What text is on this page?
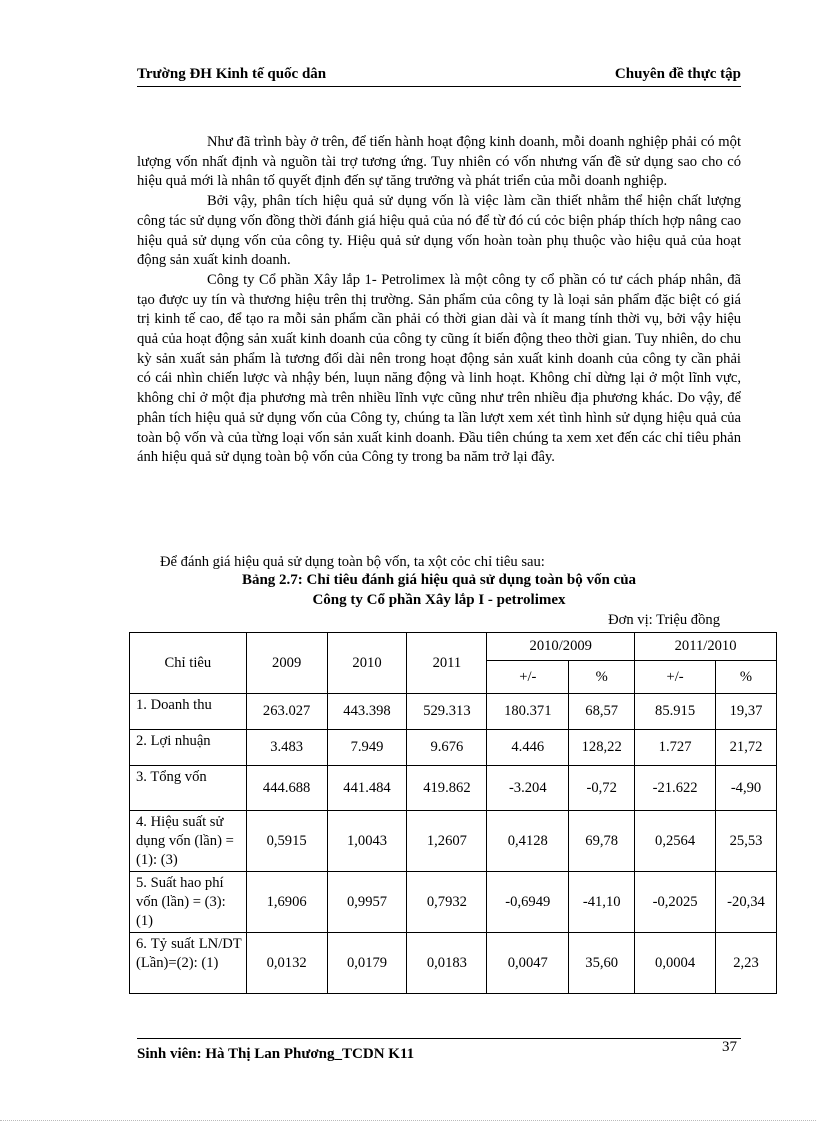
Trường ĐH Kinh tế quốc dân	Chuyên đề thực tập

Như đã trình bày ở trên, để tiến hành hoạt động kinh doanh, mỗi doanh nghiệp phải có một lượng vốn nhất định và nguồn tài trợ tương ứng. Tuy nhiên có vốn nhưng vấn đề sử dụng sao cho có hiệu quả mới là nhân tố quyết định đến sự tăng trưởng và phát triển của mỗi doanh nghiệp.

Bởi vậy, phân tích hiệu quả sử dụng vốn là việc làm cần thiết nhằm thể hiện chất lượng công tác sử dụng vốn đồng thời đánh giá hiệu quả của nó để từ đó cú cỏc biện pháp thích hợp nâng cao hiệu quả sử dụng vốn của công ty. Hiệu quả sử dụng vốn hoàn toàn phụ thuộc vào hiệu quả của hoạt động sản xuất kinh doanh.

Công ty Cổ phần Xây lắp 1- Petrolimex là một công ty cổ phần có tư cách pháp nhân, đã tạo được uy tín và thương hiệu trên thị trường. Sản phẩm của công ty là loại sản phẩm đặc biệt có giá trị kinh tế cao, để tạo ra mỗi sản phẩm cần phải có thời gian dài và ít mang tính thời vụ, bởi vậy hiệu quả của hoạt động sản xuất kinh doanh của công ty cũng ít biến động theo thời gian. Tuy nhiên, do chu kỳ sản xuất sản phẩm là tương đối dài nên trong hoạt động sản xuất kinh doanh của công ty cần phải có cái nhìn chiến lược và nhậy bén, luụn năng động và linh hoạt. Không chỉ dừng lại ở một lĩnh vực, không chỉ ở một địa phương mà trên nhiều lĩnh vực cũng như trên nhiều địa phương khác. Do vậy, để phân tích hiệu quả sử dụng vốn của Công ty, chúng ta lần lượt xem xét tình hình sử dụng hiệu quả của toàn bộ vốn và của từng loại vốn sản xuất kinh doanh. Đầu tiên chúng ta xem xet đến các chỉ tiêu phản ánh hiệu quả sử dụng toàn bộ vốn của Công ty trong ba năm trở lại đây.

Để đánh giá hiệu quả sử dụng toàn bộ vốn, ta xột cỏc chỉ tiêu sau:
Bảng 2.7: Chỉ tiêu đánh giá hiệu quả sử dụng toàn bộ vốn của
Công ty Cổ phần Xây lắp I - petrolimex
Đơn vị: Triệu đồng
Chỉ tiêu	2009	2010	2011	2010/2009		2011/2010	
				+/-	%	+/-	%
1. Doanh thu	263.027	443.398	529.313	180.371	68,57	85.915	19,37
2. Lợi nhuận	3.483	7.949	9.676	4.446	128,22	1.727	21,72
3. Tổng vốn	444.688	441.484	419.862	-3.204	-0,72	-21.622	-4,90
4. Hiệu suất sử dụng vốn (lần) = (1): (3)	0,5915	1,0043	1,2607	0,4128	69,78	0,2564	25,53
5. Suất hao phí vốn (lần) = (3): (1)	1,6906	0,9957	0,7932	-0,6949	-41,10	-0,2025	-20,34
6. Tỷ suất LN/DT (Lần)=(2): (1)	0,0132	0,0179	0,0183	0,0047	35,60	0,0004	2,23
Sinh viên: Hà Thị Lan Phương_TCDN K11	37
